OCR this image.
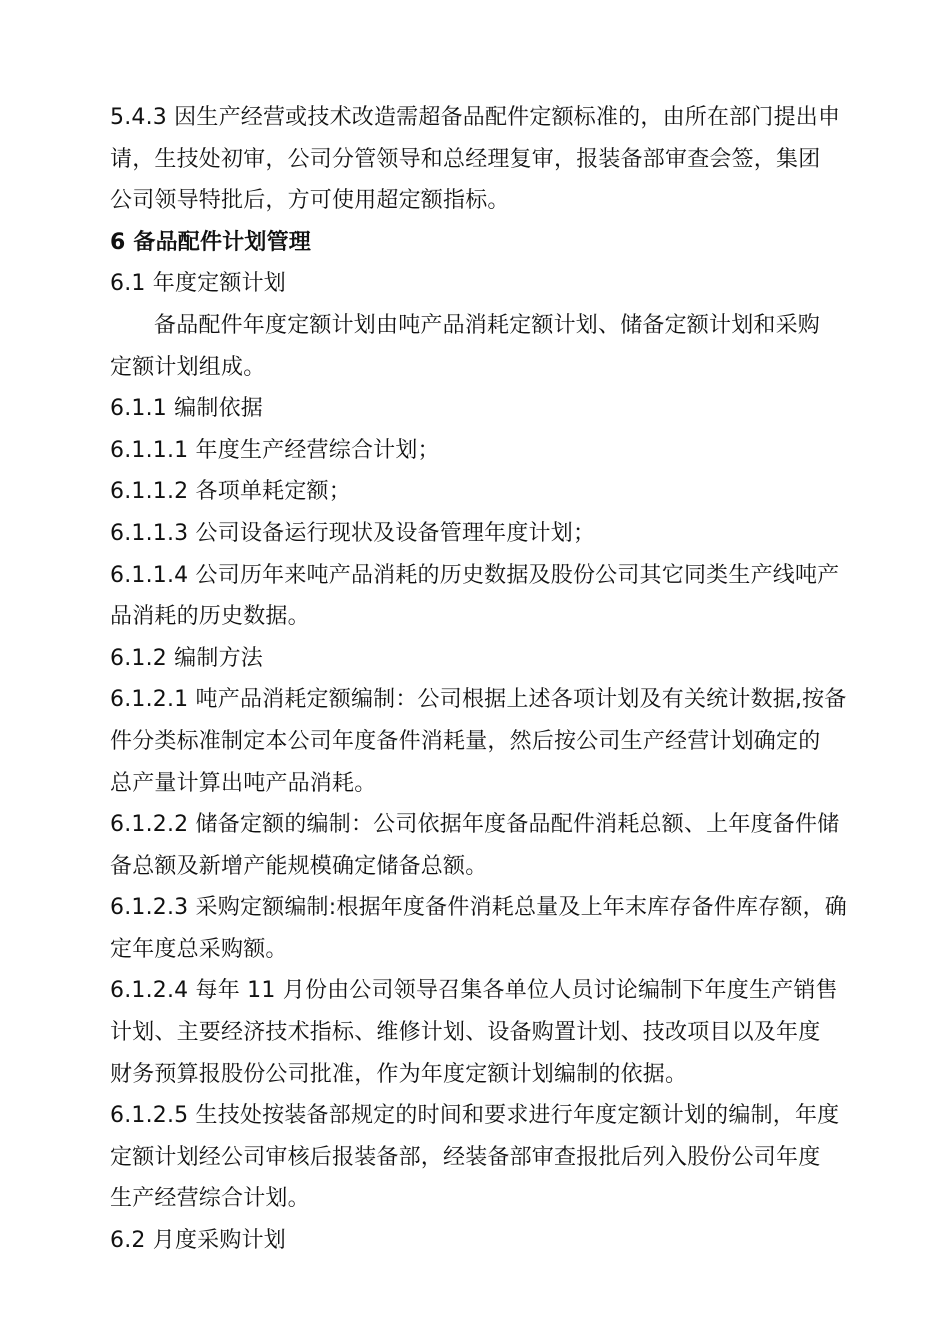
5.4.3 因生产经营或技术改造需超备品配件定额标准的，由所在部门提出申
请，生技处初审，公司分管领导和总经理复审，报装备部审查会签，集团
公司领导特批后，方可使用超定额指标。
6 备品配件计划管理
6.1 年度定额计划
备品配件年度定额计划由吨产品消耗定额计划、储备定额计划和采购
定额计划组成。
6.1.1 编制依据
6.1.1.1 年度生产经营综合计划；
6.1.1.2 各项单耗定额；
6.1.1.3 公司设备运行现状及设备管理年度计划；
6.1.1.4 公司历年来吨产品消耗的历史数据及股份公司其它同类生产线吨产
品消耗的历史数据。
6.1.2 编制方法
6.1.2.1 吨产品消耗定额编制：公司根据上述各项计划及有关统计数据,按备
件分类标准制定本公司年度备件消耗量，然后按公司生产经营计划确定的
总产量计算出吨产品消耗。
6.1.2.2 储备定额的编制：公司依据年度备品配件消耗总额、上年度备件储
备总额及新增产能规模确定储备总额。
6.1.2.3 采购定额编制:根据年度备件消耗总量及上年末库存备件库存额，确
定年度总采购额。
6.1.2.4 每年 11 月份由公司领导召集各单位人员讨论编制下年度生产销售
计划、主要经济技术指标、维修计划、设备购置计划、技改项目以及年度
财务预算报股份公司批准，作为年度定额计划编制的依据。
6.1.2.5 生技处按装备部规定的时间和要求进行年度定额计划的编制，年度
定额计划经公司审核后报装备部，经装备部审查报批后列入股份公司年度
生产经营综合计划。
6.2 月度采购计划
